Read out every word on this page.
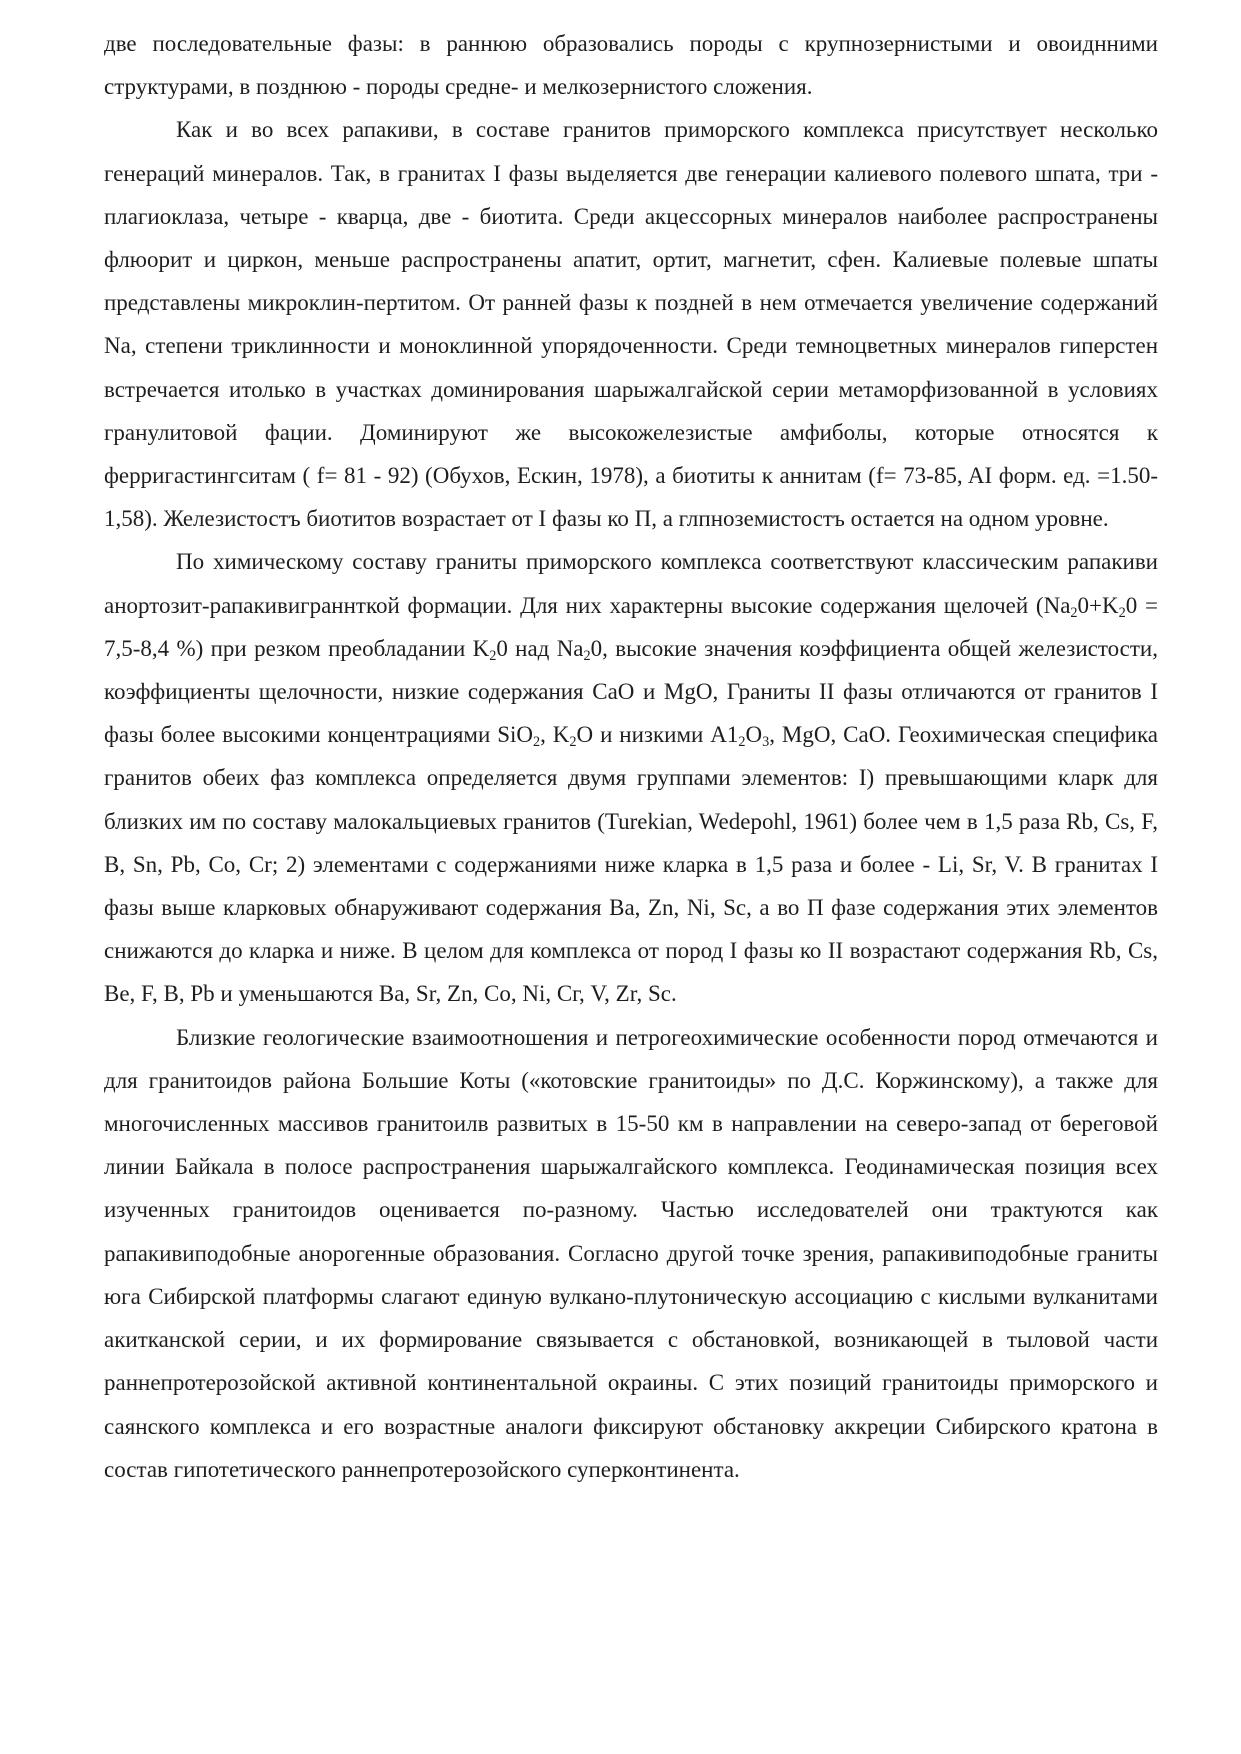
две последовательные фазы: в раннюю образовались породы с крупнозернистыми и овоиднними структурами, в позднюю - породы средне- и мелкозернистого сложения.

Как и во всех рапакиви, в составе гранитов приморского комплекса присутствует несколько генераций минералов. Так, в гранитах I фазы выделяется две генерации калиевого полевого шпата, три - плагиоклаза, четыре - кварца, две - биотита. Среди акцессорных минералов наиболее распространены флюорит и циркон, меньше распространены апатит, ортит, магнетит, сфен. Калиевые полевые шпаты представлены микроклин-пертитом. От ранней фазы к поздней в нем отмечается увеличение содержаний Na, степени триклинности и моноклинной упорядоченности. Среди темноцветных минералов гиперстен встречается итолько в участках доминирования шарыжалгайской серии метаморфизованной в условиях гранулитовой фации. Доминируют же высокожелезистые амфиболы, которые относятся к ферригастингситам ( f= 81 - 92) (Обухов, Ескин, 1978), а биотиты к аннитам (f= 73-85, AI форм. ед. =1.50-1,58). Железистостъ биотитов возрастает от I фазы ко П, а глпноземистостъ остается на одном уровне.

По химическому составу граниты приморского комплекса соответствуют классическим рапакиви анортозит-рапакивиграннткой формации. Для них характерны высокие содержания щелочей ($Na_20+K_20 = 7,5-8,4$ %) при резком преобладании $K_20$ над $Na_20$, высокие значения коэффициента общей железистости, коэффициенты щелочности, низкие содержания CaO и MgO, Граниты II фазы отличаются от гранитов I фазы более высокими концентрациями SiO$_2$, $K_2O$ и низкими $A1_2O_3$, MgO, CaO. Геохимическая специфика гранитов обеих фаз комплекса определяется двумя группами элементов: I) превышающими кларк для близких им по составу малокальциевых гранитов (Turekian, Wedepohl, 1961) более чем в 1,5 раза Rb, Cs, F, B, Sn, Pb, Co, Cr; 2) элементами с содержаниями ниже кларка в 1,5 раза и более - Li, Sr, V. В гранитах I фазы выше кларковых обнаруживают содержания Ba, Zn, Ni, Sc, а во П фазе содержания этих элементов снижаются до кларка и ниже. В целом для комплекса от пород I фазы ко II возрастают содержания Rb, Cs, Be, F, B, Pb и уменьшаются Ba, Sr, Zn, Co, Ni, Cг, V, Zr, Sc.

Близкие геологические взаимоотношения и петрогеохимические особенности пород отмечаются и для гранитоидов района Большие Коты («котовские гранитоиды» по Д.С. Коржинскому), а также для многочисленных массивов гранитоилв развитых в 15-50 км в направлении на северо-запад от береговой линии Байкала в полосе распространения шарыжалгайского комплекса. Геодинамическая позиция всех изученных гранитоидов оценивается по-разному. Частью исследователей они трактуются как рапакивиподобные анорогенные образования. Согласно другой точке зрения, рапакивиподобные граниты юга Сибирской платформы слагают единую вулкано-плутоническую ассоциацию с кислыми вулканитами акитканской серии, и их формирование связывается с обстановкой, возникающей в тыловой части раннепротерозойской активной континентальной окраины. С этих позиций гранитоиды приморского и саянского комплекса и его возрастные аналоги фиксируют обстановку аккреции Сибирского кратона в состав гипотетического раннепротерозойского суперконтинента.
